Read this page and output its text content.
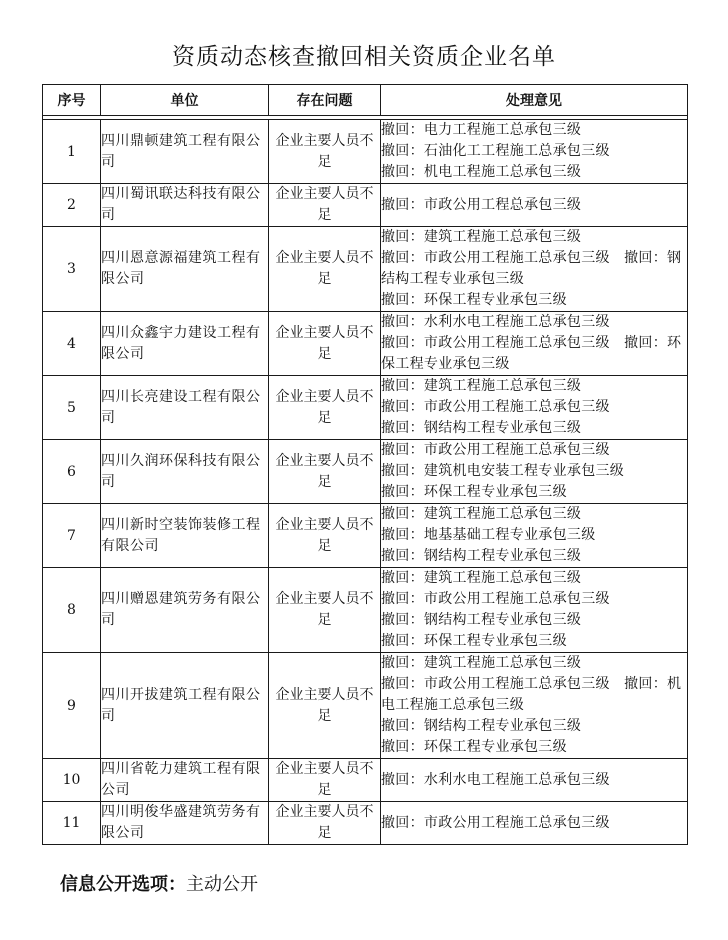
资质动态核查撤回相关资质企业名单
序号	单位	存在问题	处理意见

1	四川鼎顿建筑工程有限公司	企业主要人员不足	撤回：电力工程施工总承包三级
撤回：石油化工工程施工总承包三级
撤回：机电工程施工总承包三级

2	四川蜀讯联达科技有限公司	企业主要人员不足	撤回：市政公用工程总承包三级

3	四川恩意源福建筑工程有限公司	企业主要人员不足	撤回：建筑工程施工总承包三级
撤回：市政公用工程施工总承包三级　撤回：钢结构工程专业承包三级
撤回：环保工程专业承包三级

4	四川众鑫宇力建设工程有限公司	企业主要人员不足	撤回：水利水电工程施工总承包三级
撤回：市政公用工程施工总承包三级　撤回：环保工程专业承包三级

5	四川长亮建设工程有限公司	企业主要人员不足	撤回：建筑工程施工总承包三级
撤回：市政公用工程施工总承包三级
撤回：钢结构工程专业承包三级

6	四川久润环保科技有限公司	企业主要人员不足	撤回：市政公用工程施工总承包三级
撤回：建筑机电安装工程专业承包三级
撤回：环保工程专业承包三级

7	四川新时空装饰装修工程有限公司	企业主要人员不足	撤回：建筑工程施工总承包三级
撤回：地基基础工程专业承包三级
撤回：钢结构工程专业承包三级

8	四川赠恩建筑劳务有限公司	企业主要人员不足	撤回：建筑工程施工总承包三级
撤回：市政公用工程施工总承包三级
撤回：钢结构工程专业承包三级
撤回：环保工程专业承包三级

9	四川开拔建筑工程有限公司	企业主要人员不足	撤回：建筑工程施工总承包三级
撤回：市政公用工程施工总承包三级　撤回：机电工程施工总承包三级
撤回：钢结构工程专业承包三级
撤回：环保工程专业承包三级

10	四川省乾力建筑工程有限公司	企业主要人员不足	撤回：水利水电工程施工总承包三级

11	四川明俊华盛建筑劳务有限公司	企业主要人员不足	撤回：市政公用工程施工总承包三级
信息公开选项：主动公开
